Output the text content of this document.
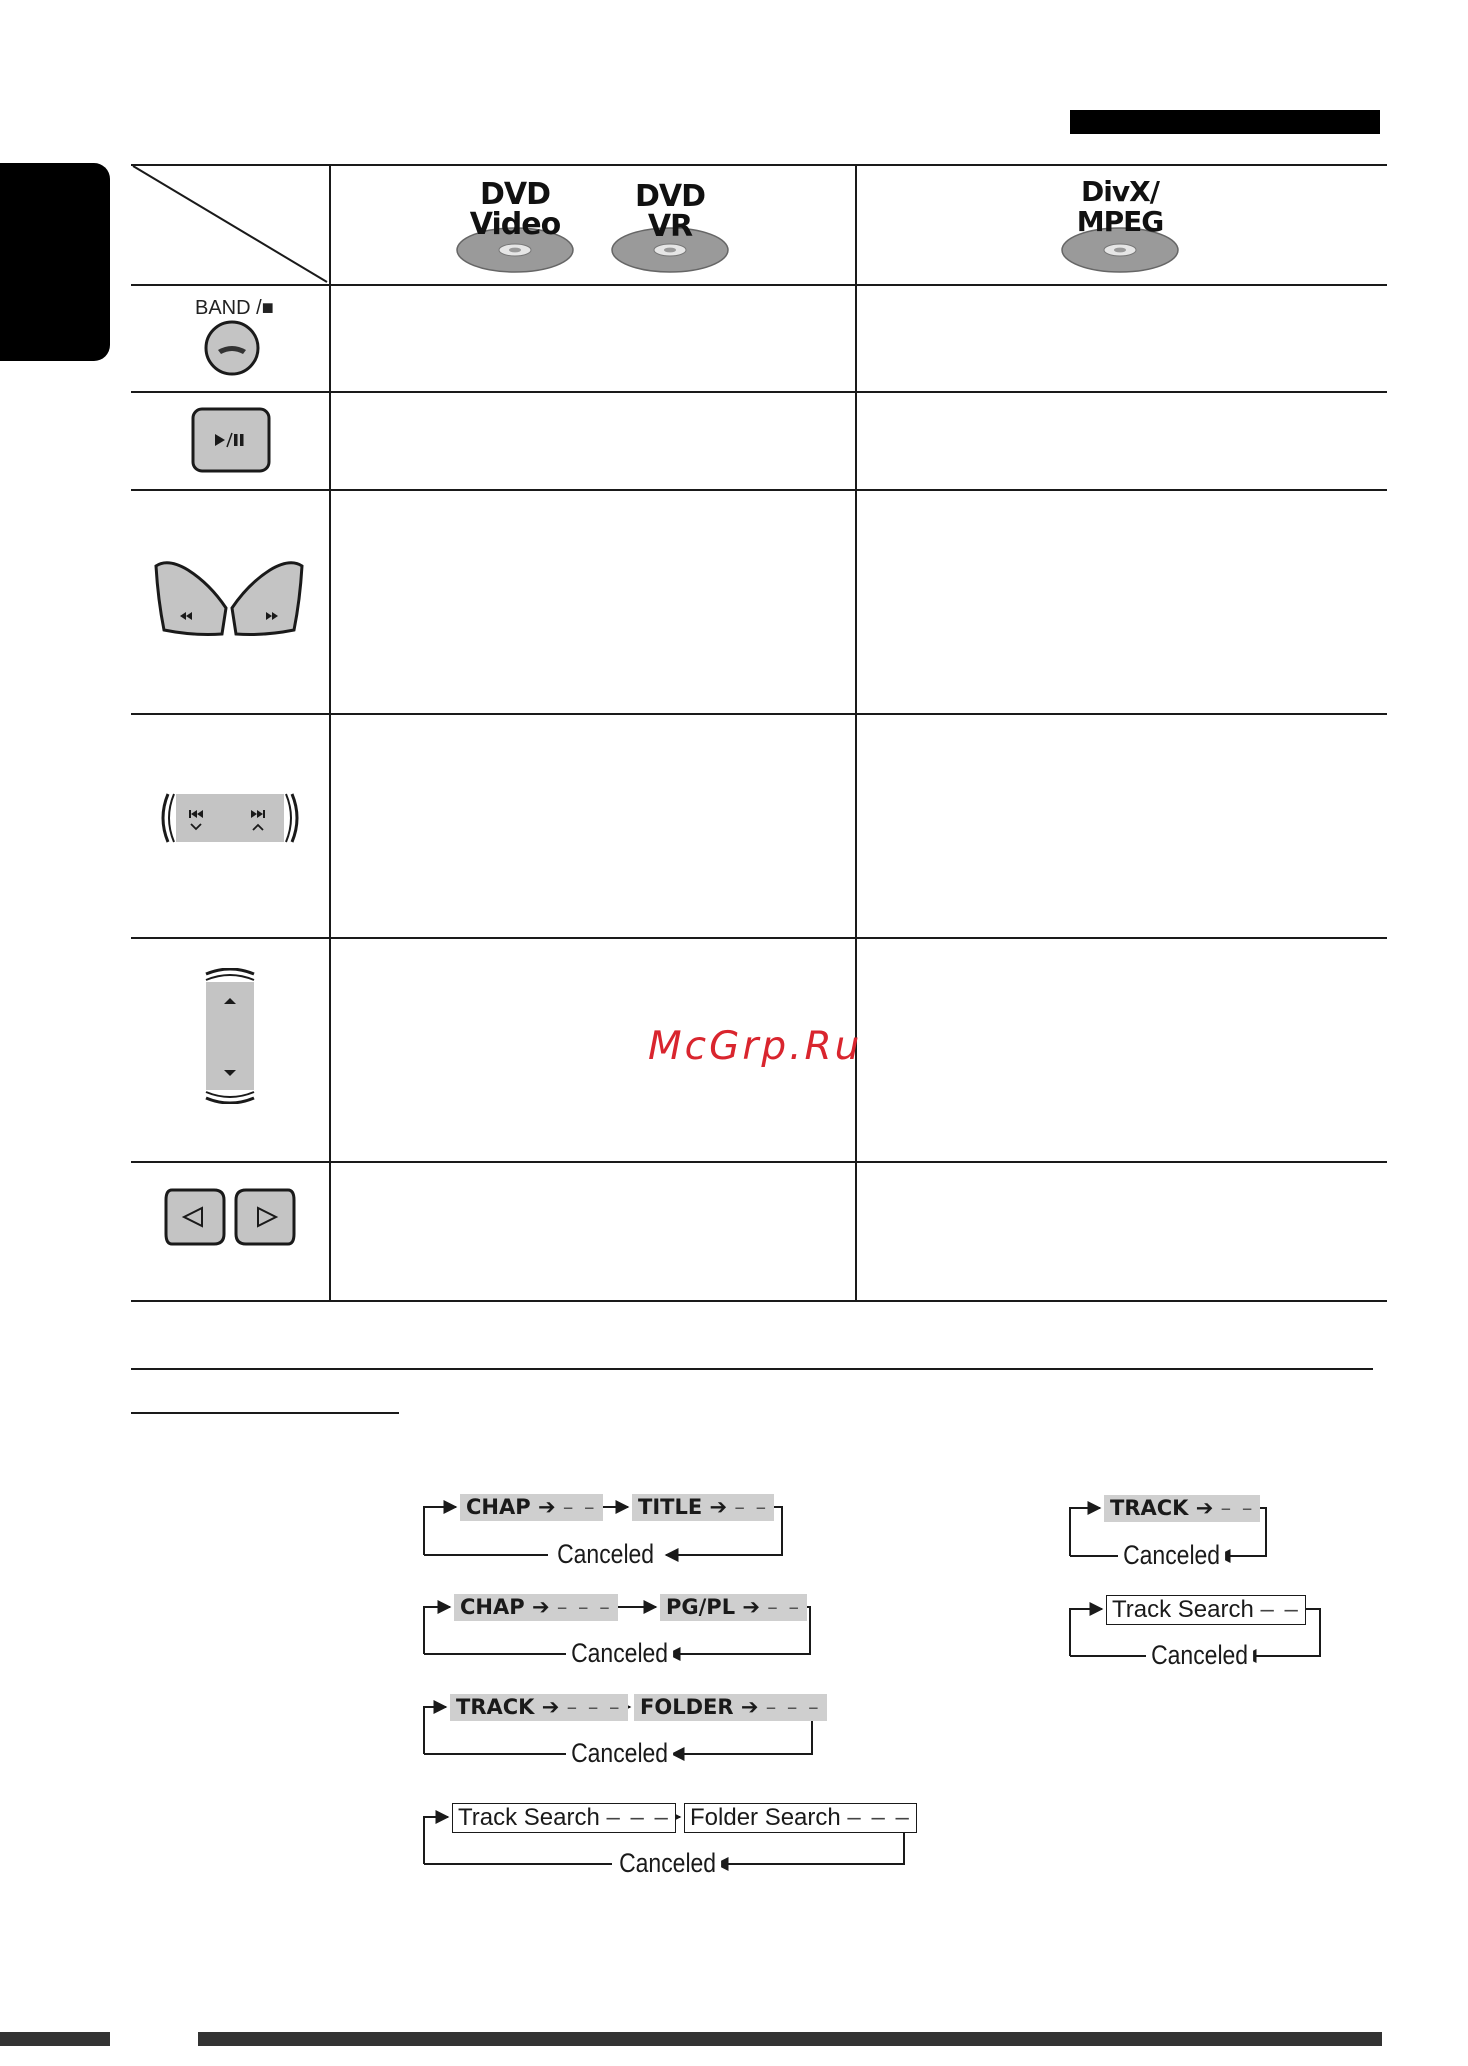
DVD
Video
DVD
VR
DivX/
MPEG
BAND /■
McGrp.Ru
CHAP ➔ – – TITLE ➔ – –
Canceled
CHAP ➔ – – –	PG/PL ➔ – –
Canceled
TRACK ➔ – – – FOLDER ➔ – – –
Canceled
Track Search – – – Folder Search – – –
Canceled
TRACK ➔ – –
Canceled
Track Search – –
Canceled
